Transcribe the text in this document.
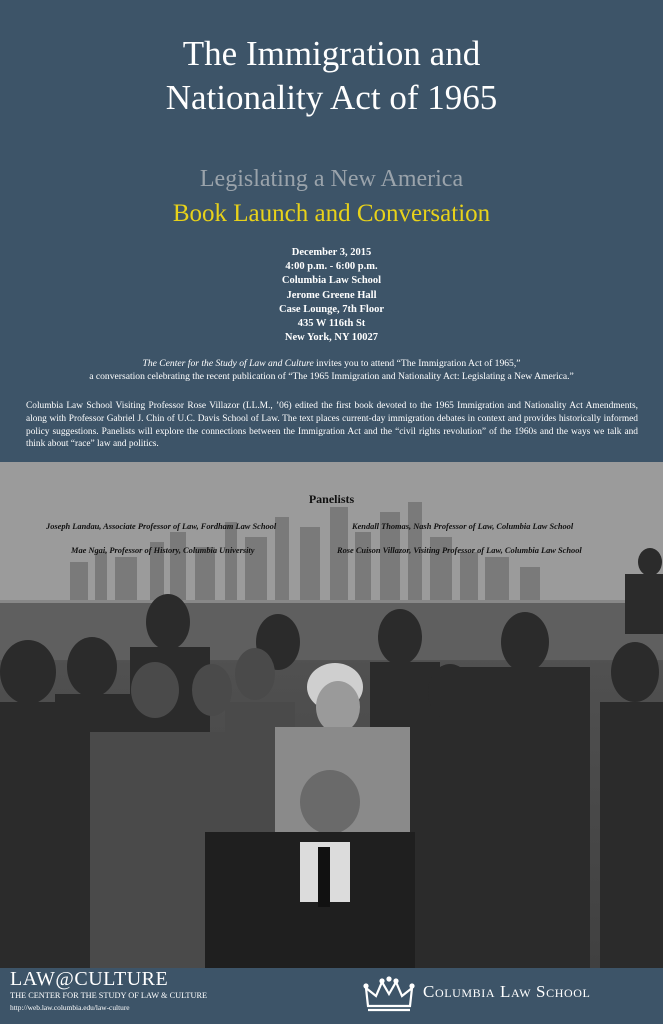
The Immigration and
Nationality Act of 1965
Legislating a New America
Book Launch and Conversation
December 3, 2015
4:00 p.m. - 6:00 p.m.
Columbia Law School
Jerome Greene Hall
Case Lounge, 7th Floor
435 W 116th St
New York, NY 10027
The Center for the Study of Law and Culture invites you to attend “The Immigration Act of 1965,”
a conversation celebrating the recent publication of “The 1965 Immigration and Nationality Act: Legislating a New America.”
Columbia Law School Visiting Professor Rose Villazor (LL.M., ’06) edited the first book devoted to the 1965 Immigration and Nationality Act Amendments, along with Professor Gabriel J. Chin of U.C. Davis School of Law. The text places current-day immigration debates in context and provides historically informed policy suggestions. Panelists will explore the connections between the Immigration Act and the “civil rights revolution” of the 1960s and the ways we talk and think about “race” law and politics.
Panelists
Joseph Landau, Associate Professor of Law, Fordham Law School	Kendall Thomas, Nash Professor of Law, Columbia Law School
Mae Ngai, Professor of History, Columbia University	Rose Cuison Villazor, Visiting Professor of Law, Columbia Law School
LAW@CULTURE
THE CENTER FOR THE STUDY OF LAW & CULTURE
http://web.law.columbia.edu/law-culture
Columbia Law School
